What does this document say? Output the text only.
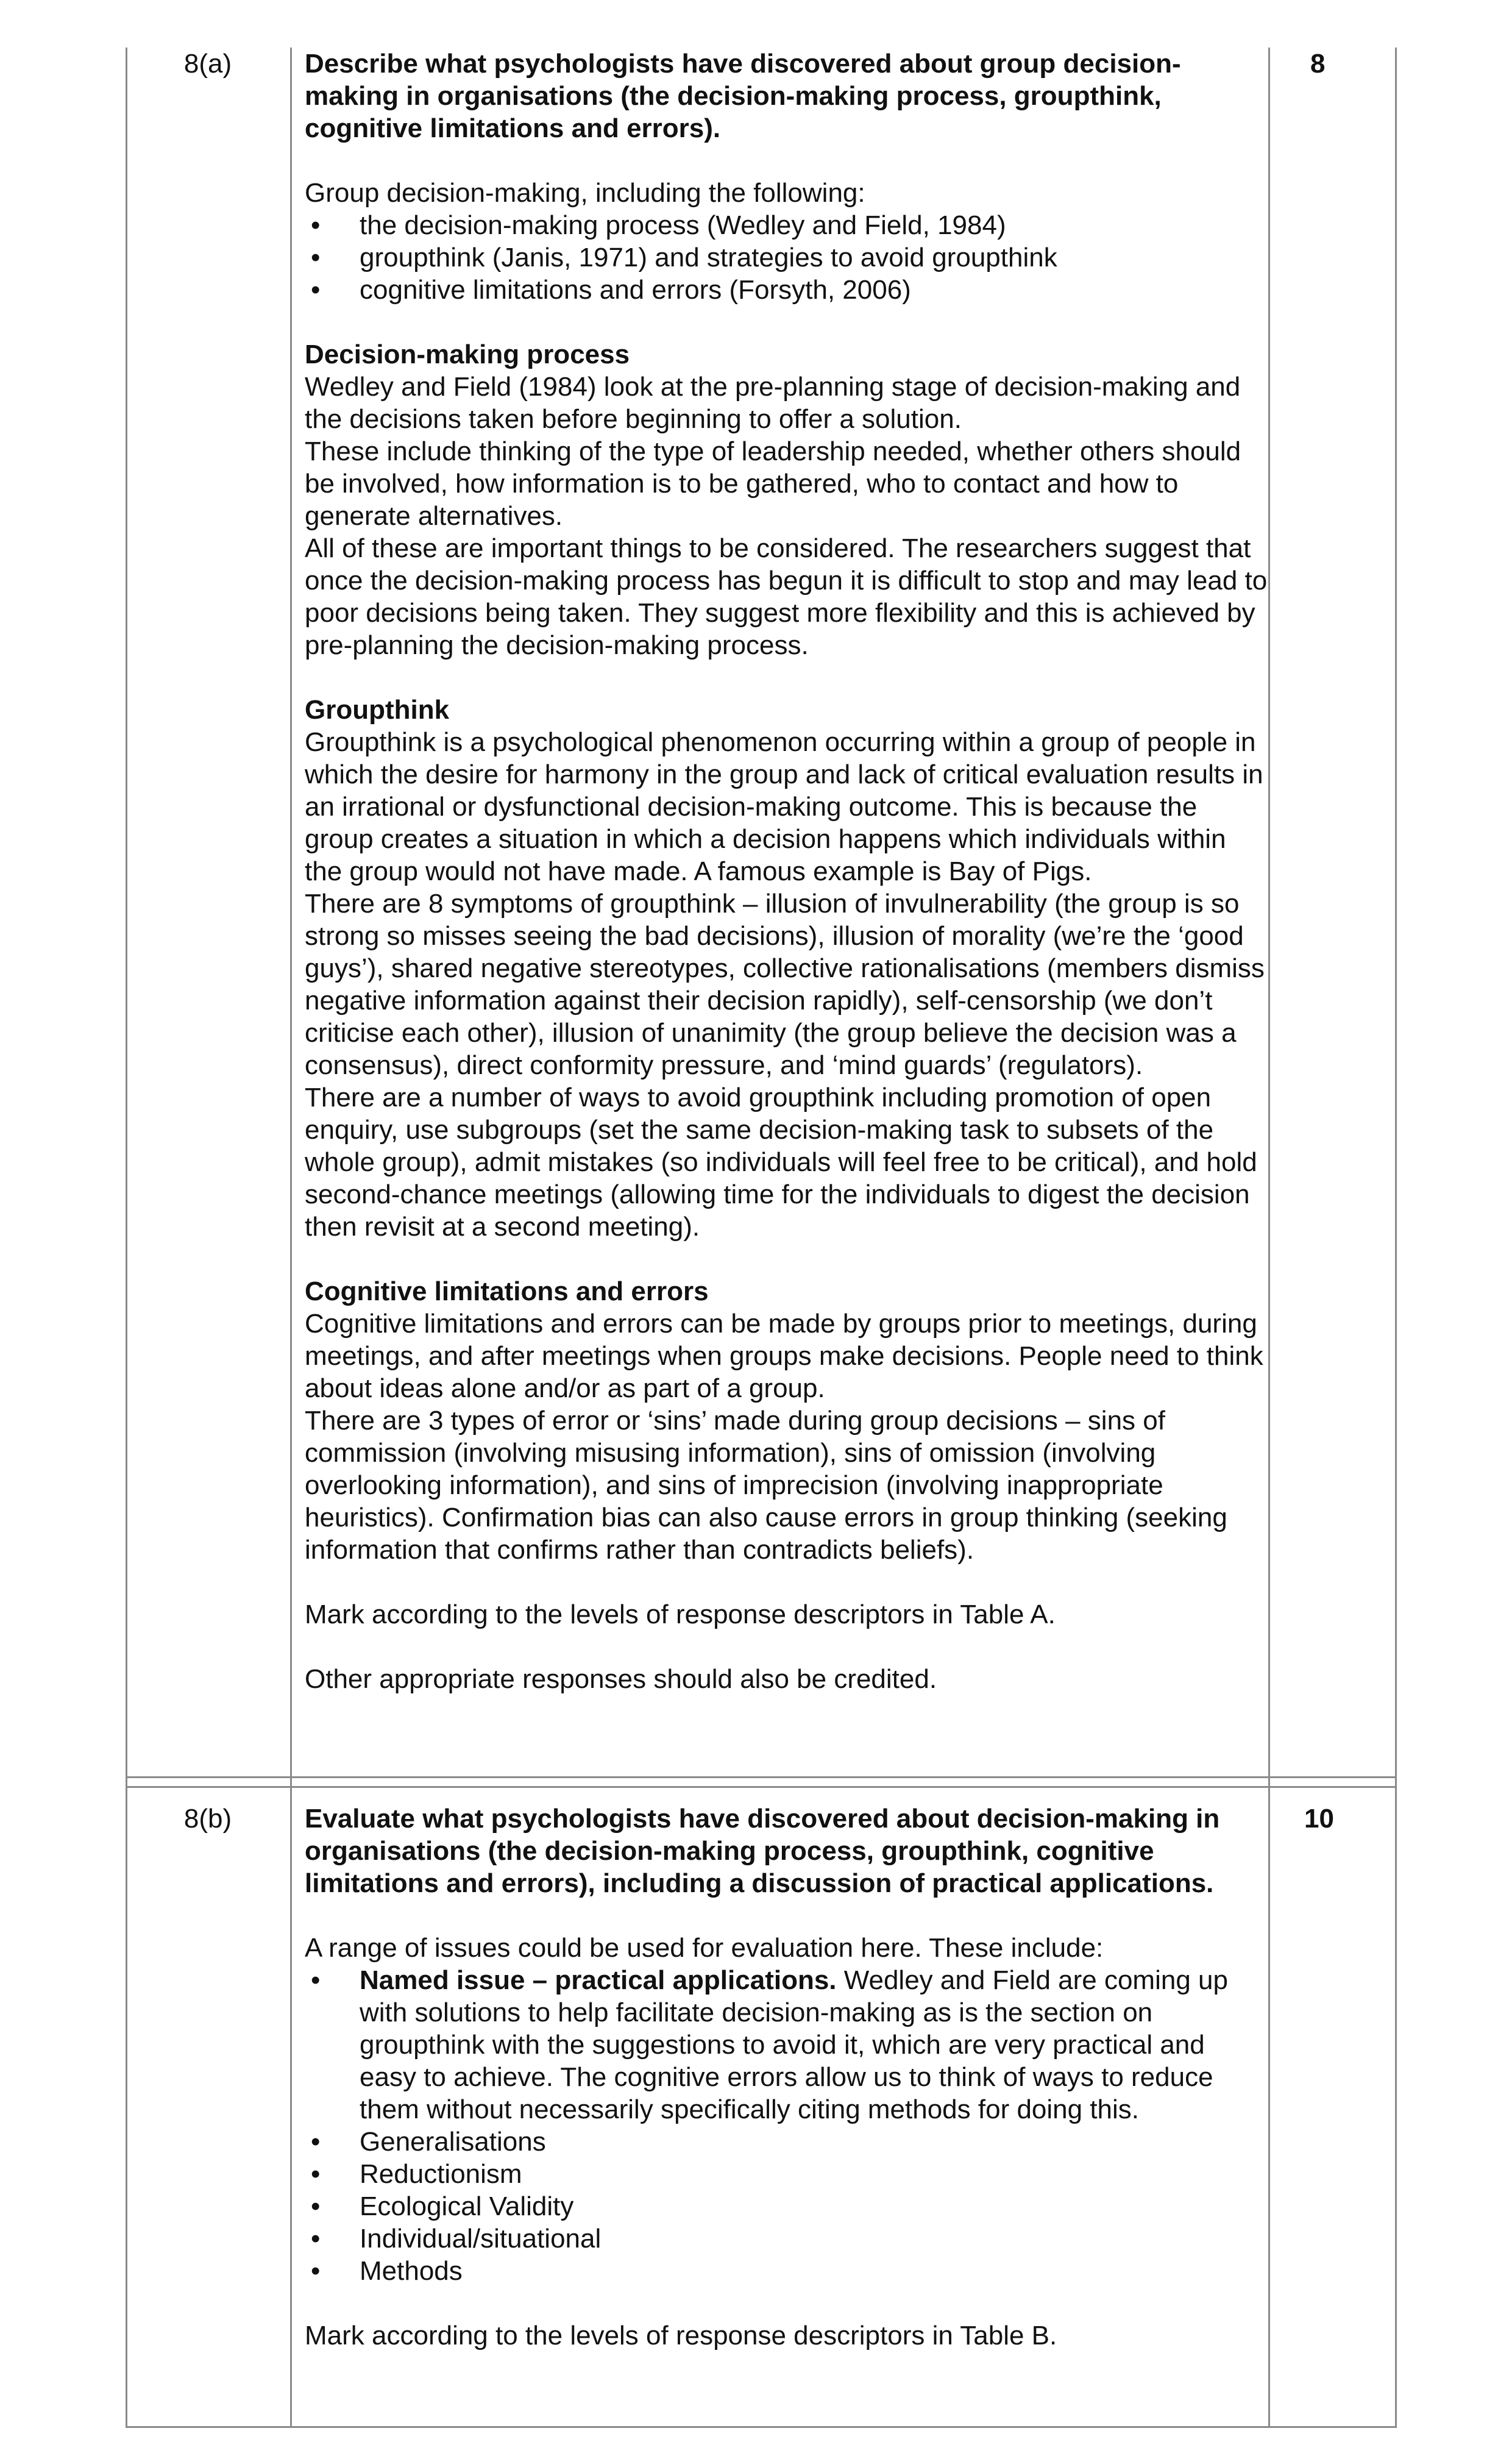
8(a)	8

Describe what psychologists have discovered about group decision-making in organisations (the decision-making process, groupthink, cognitive limitations and errors).

Group decision-making, including the following:

• the decision-making process (Wedley and Field, 1984)
• groupthink (Janis, 1971) and strategies to avoid groupthink
• cognitive limitations and errors (Forsyth, 2006)

Decision-making process

Wedley and Field (1984) look at the pre-planning stage of decision-making and the decisions taken before beginning to offer a solution.

These include thinking of the type of leadership needed, whether others should be involved, how information is to be gathered, who to contact and how to generate alternatives.

All of these are important things to be considered. The researchers suggest that once the decision-making process has begun it is difficult to stop and may lead to poor decisions being taken. They suggest more flexibility and this is achieved by pre-planning the decision-making process.

Groupthink

Groupthink is a psychological phenomenon occurring within a group of people in which the desire for harmony in the group and lack of critical evaluation results in an irrational or dysfunctional decision-making outcome. This is because the group creates a situation in which a decision happens which individuals within the group would not have made. A famous example is Bay of Pigs.

There are 8 symptoms of groupthink – illusion of invulnerability (the group is so strong so misses seeing the bad decisions), illusion of morality (we’re the ‘good guys’), shared negative stereotypes, collective rationalisations (members dismiss negative information against their decision rapidly), self-censorship (we don’t criticise each other), illusion of unanimity (the group believe the decision was a consensus), direct conformity pressure, and ‘mind guards’ (regulators).

There are a number of ways to avoid groupthink including promotion of open enquiry, use subgroups (set the same decision-making task to subsets of the whole group), admit mistakes (so individuals will feel free to be critical), and hold second-chance meetings (allowing time for the individuals to digest the decision then revisit at a second meeting).

Cognitive limitations and errors

Cognitive limitations and errors can be made by groups prior to meetings, during meetings, and after meetings when groups make decisions. People need to think about ideas alone and/or as part of a group.

There are 3 types of error or ‘sins’ made during group decisions – sins of commission (involving misusing information), sins of omission (involving overlooking information), and sins of imprecision (involving inappropriate heuristics). Confirmation bias can also cause errors in group thinking (seeking information that confirms rather than contradicts beliefs).

Mark according to the levels of response descriptors in Table A.

Other appropriate responses should also be credited.

8(b)	10

Evaluate what psychologists have discovered about decision-making in organisations (the decision-making process, groupthink, cognitive limitations and errors), including a discussion of practical applications.

A range of issues could be used for evaluation here. These include:

• Named issue – practical applications. Wedley and Field are coming up with solutions to help facilitate decision-making as is the section on groupthink with the suggestions to avoid it, which are very practical and easy to achieve. The cognitive errors allow us to think of ways to reduce them without necessarily specifically citing methods for doing this.
• Generalisations
• Reductionism
• Ecological Validity
• Individual/situational
• Methods

Mark according to the levels of response descriptors in Table B.
